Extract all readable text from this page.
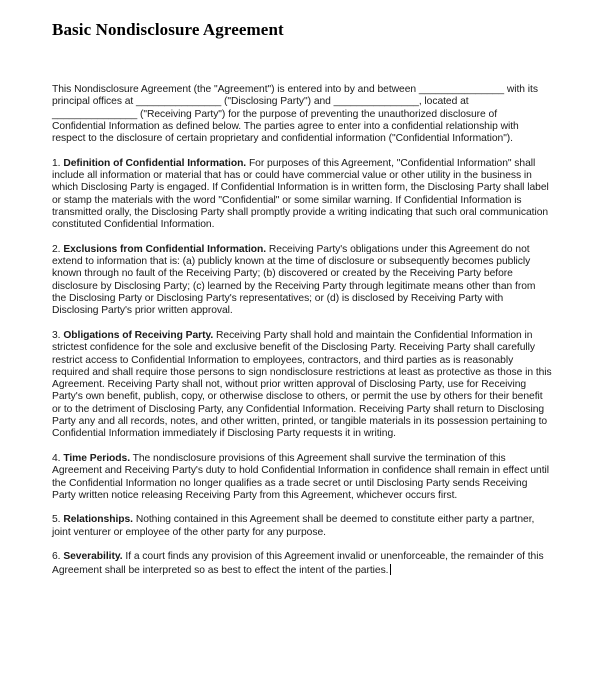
Basic Nondisclosure Agreement

This Nondisclosure Agreement (the "Agreement") is entered into by and between _______________ with its principal offices at _______________ ("Disclosing Party") and _______________, located at _______________ ("Receiving Party") for the purpose of preventing the unauthorized disclosure of Confidential Information as defined below. The parties agree to enter into a confidential relationship with respect to the disclosure of certain proprietary and confidential information ("Confidential Information").

1. Definition of Confidential Information. For purposes of this Agreement, "Confidential Information" shall include all information or material that has or could have commercial value or other utility in the business in which Disclosing Party is engaged. If Confidential Information is in written form, the Disclosing Party shall label or stamp the materials with the word "Confidential" or some similar warning. If Confidential Information is transmitted orally, the Disclosing Party shall promptly provide a writing indicating that such oral communication constituted Confidential Information.

2. Exclusions from Confidential Information. Receiving Party's obligations under this Agreement do not extend to information that is: (a) publicly known at the time of disclosure or subsequently becomes publicly known through no fault of the Receiving Party; (b) discovered or created by the Receiving Party before disclosure by Disclosing Party; (c) learned by the Receiving Party through legitimate means other than from the Disclosing Party or Disclosing Party's representatives; or (d) is disclosed by Receiving Party with Disclosing Party's prior written approval.

3. Obligations of Receiving Party. Receiving Party shall hold and maintain the Confidential Information in strictest confidence for the sole and exclusive benefit of the Disclosing Party. Receiving Party shall carefully restrict access to Confidential Information to employees, contractors, and third parties as is reasonably required and shall require those persons to sign nondisclosure restrictions at least as protective as those in this Agreement. Receiving Party shall not, without prior written approval of Disclosing Party, use for Receiving Party's own benefit, publish, copy, or otherwise disclose to others, or permit the use by others for their benefit or to the detriment of Disclosing Party, any Confidential Information. Receiving Party shall return to Disclosing Party any and all records, notes, and other written, printed, or tangible materials in its possession pertaining to Confidential Information immediately if Disclosing Party requests it in writing.

4. Time Periods. The nondisclosure provisions of this Agreement shall survive the termination of this Agreement and Receiving Party's duty to hold Confidential Information in confidence shall remain in effect until the Confidential Information no longer qualifies as a trade secret or until Disclosing Party sends Receiving Party written notice releasing Receiving Party from this Agreement, whichever occurs first.

5. Relationships. Nothing contained in this Agreement shall be deemed to constitute either party a partner, joint venturer or employee of the other party for any purpose.

6. Severability. If a court finds any provision of this Agreement invalid or unenforceable, the remainder of this Agreement shall be interpreted so as best to effect the intent of the parties.
